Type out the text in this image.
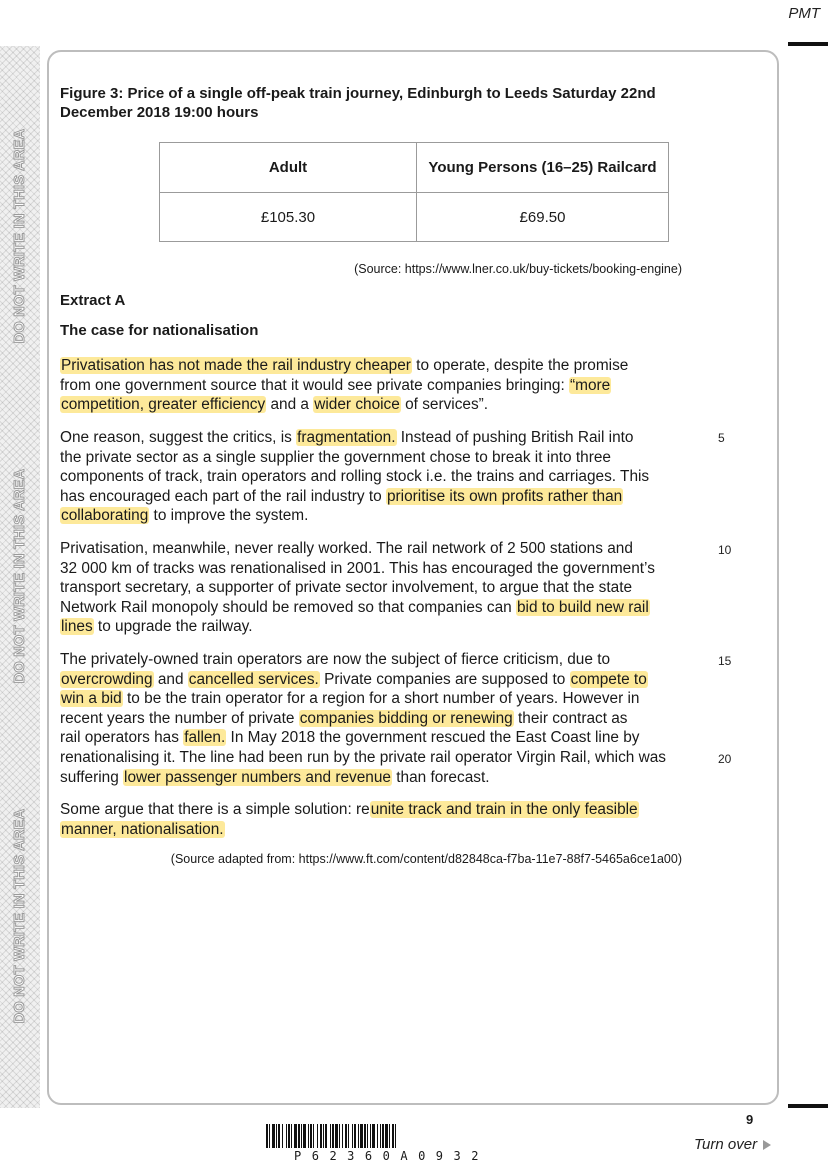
PMT
DO NOT WRITE IN THIS AREA
DO NOT WRITE IN THIS AREA
DO NOT WRITE IN THIS AREA
Figure 3: Price of a single off-peak train journey, Edinburgh to Leeds Saturday 22nd
December 2018 19:00 hours
Adult	Young Persons (16–25) Railcard
£105.30	£69.50
(Source: https://www.lner.co.uk/buy-tickets/booking-engine)
Extract A
The case for nationalisation
Privatisation has not made the rail industry cheaper to operate, despite the promise
from one government source that it would see private companies bringing: “more
competition, greater efficiency and a wider choice of services”.
One reason, suggest the critics, is fragmentation. Instead of pushing British Rail into
the private sector as a single supplier the government chose to break it into three
components of track, train operators and rolling stock i.e. the trains and carriages. This
has encouraged each part of the rail industry to prioritise its own profits rather than
collaborating to improve the system.
Privatisation, meanwhile, never really worked. The rail network of 2 500 stations and
32 000 km of tracks was renationalised in 2001. This has encouraged the government’s
transport secretary, a supporter of private sector involvement, to argue that the state
Network Rail monopoly should be removed so that companies can bid to build new rail
lines to upgrade the railway.
The privately-owned train operators are now the subject of fierce criticism, due to
overcrowding and cancelled services. Private companies are supposed to compete to
win a bid to be the train operator for a region for a short number of years. However in
recent years the number of private companies bidding or renewing their contract as
rail operators has fallen. In May 2018 the government rescued the East Coast line by
renationalising it. The line had been run by the private rail operator Virgin Rail, which was
suffering lower passenger numbers and revenue than forecast.
Some argue that there is a simple solution: reunite track and train in the only feasible
manner, nationalisation.
5
10
15
20
(Source adapted from: https://www.ft.com/content/d82848ca-f7ba-11e7-88f7-5465a6ce1a00)
9
Turn over
P62360A0932
